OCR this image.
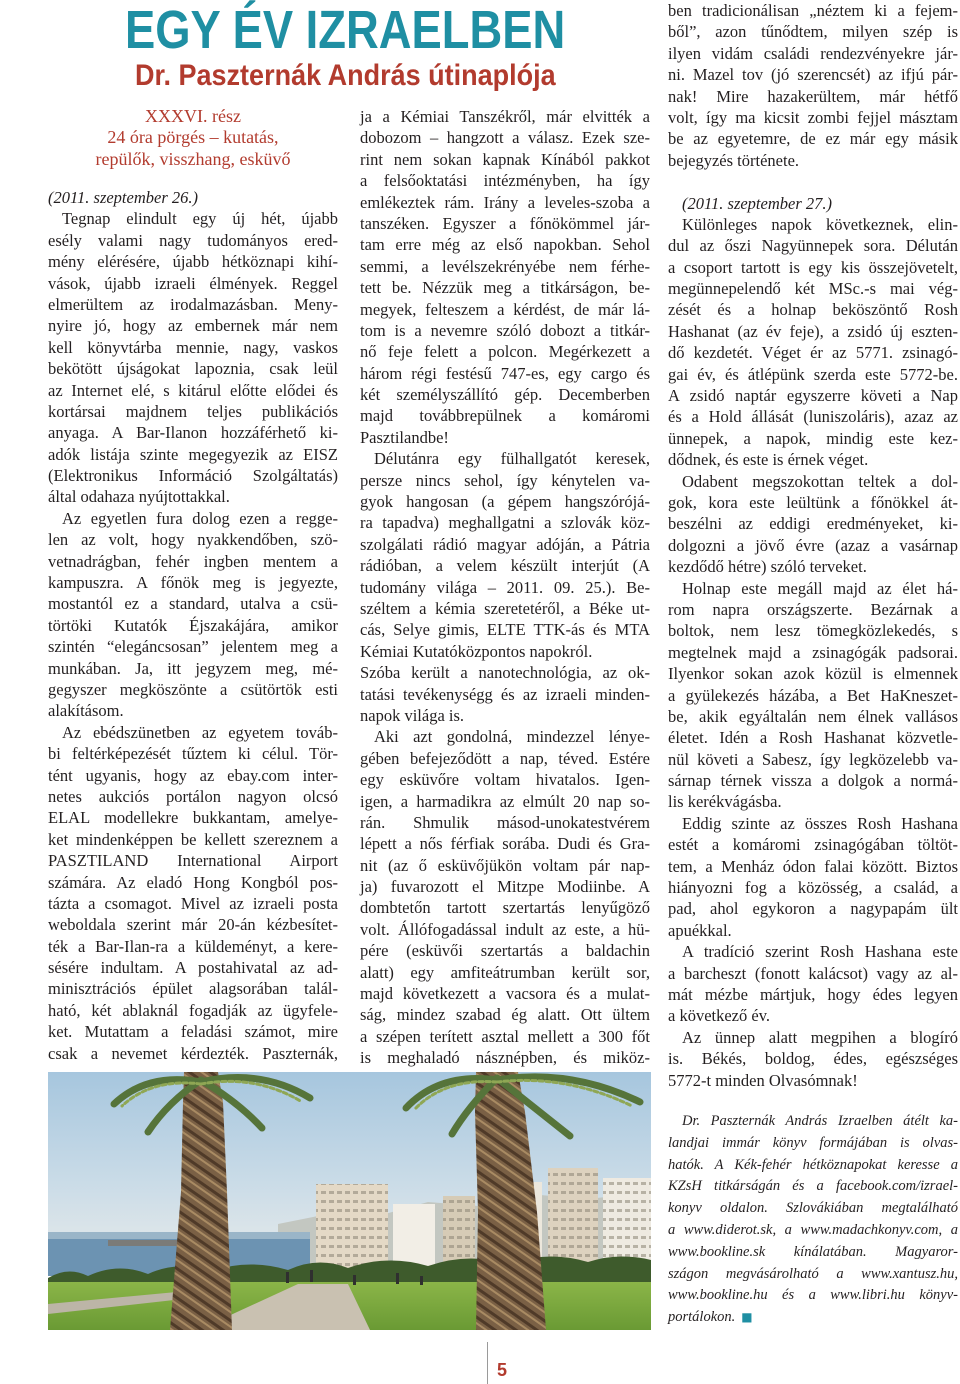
EGY ÉV IZRAELBEN
Dr. Paszternák András útinaplója
XXXVI. rész
24 óra pörgés – kutatás,
repülők, visszhang, esküvő
(2011. szeptember 26.)
Tegnap elindult egy új hét, újabb
esély valami nagy tudományos ered-
mény elérésére, újabb hétköznapi kihí-
vások, újabb izraeli élmények. Reggel
elmerültem az irodalmazásban. Meny-
nyire jó, hogy az embernek már nem
kell könyvtárba mennie, nagy, vaskos
bekötött újságokat lapoznia, csak leül
az Internet elé, s kitárul előtte elődei és
kortársai majdnem teljes publikációs
anyaga. A Bar-Ilanon hozzáférhető ki-
adók listája szinte megegyezik az EISZ
(Elektronikus Információ Szolgáltatás)
által odahaza nyújtottakkal.
Az egyetlen fura dolog ezen a regge-
len az volt, hogy nyakkendőben, szö-
vetnadrágban, fehér ingben mentem a
kampuszra. A főnök meg is jegyezte,
mostantól ez a standard, utalva a csü-
törtöki Kutatók Éjszakájára, amikor
szintén “elegáncsosan” jelentem meg a
munkában. Ja, itt jegyzem meg, mé-
gegyszer megköszönte a csütörtök esti
alakításom.
Az ebédszünetben az egyetem továb-
bi feltérképezését tűztem ki célul. Tör-
tént ugyanis, hogy az ebay.com inter-
netes aukciós portálon nagyon olcsó
ELAL modellekre bukkantam, amelye-
ket mindenképpen be kellett szereznem a
PASZTILAND International Airport
számára. Az eladó Hong Kongból pos-
tázta a csomagot. Mivel az izraeli posta
weboldala szerint már 20-án kézbesítet-
ték a Bar-Ilan-ra a küldeményt, a kere-
sésére indultam. A postahivatal az ad-
minisztrációs épület alagsorában talál-
ható, két ablaknál fogadják az ügyfele-
ket. Mutattam a feladási számot, mire
csak a nevemet kérdezték. Paszternák,
ja a Kémiai Tanszékről, már elvitték a
dobozom – hangzott a válasz. Ezek sze-
rint nem sokan kapnak Kínából pakkot
a felsőoktatási intézményben, ha így
emlékeztek rám. Irány a leveles-szoba a
tanszéken. Egyszer a főnökömmel jár-
tam erre még az első napokban. Sehol
semmi, a levélszekrényébe nem férhe-
tett be. Nézzük meg a titkárságon, be-
megyek, felteszem a kérdést, de már lá-
tom is a nevemre szóló dobozt a titkár-
nő feje felett a polcon. Megérkezett a
három régi festésű 747-es, egy cargo és
két személyszállító gép. Decemberben
majd továbbrepülnek a komáromi
Pasztilandbe!
Délutánra egy fülhallgatót keresek,
persze nincs sehol, így kénytelen va-
gyok hangosan (a gépem hangszórójá-
ra tapadva) meghallgatni a szlovák köz-
szolgálati rádió magyar adóján, a Pátria
rádióban, a velem készült interjút (A
tudomány világa – 2011. 09. 25.). Be-
széltem a kémia szeretetéről, a Béke ut-
cás, Selye gimis, ELTE TTK-ás és MTA
Kémiai Kutatóközpontos napokról.
Szóba került a nanotechnológia, az ok-
tatási tevékenységg és az izraeli minden-
napok világa is.
Aki azt gondolná, mindezzel lénye-
gében befejeződött a nap, téved. Estére
egy esküvőre voltam hivatalos. Igen-
igen, a harmadikra az elmúlt 20 nap so-
rán. Shmulik másod-unokatestvérem
lépett a nős férfiak sorába. Dudi és Gra-
nit (az ő esküvőjükön voltam pár nap-
ja) fuvarozott el Mitzpe Modiinbe. A
dombtetőn tartott szertartás lenyűgöző
volt. Állófogadással indult az este, a hü-
pére (esküvői szertartás a baldachin
alatt) egy amfiteátrumban került sor,
majd következett a vacsora és a mulat-
ság, mindez szabad ég alatt. Ott ültem
a szépen terített asztal mellett a 300 főt
is meghaladó násznépben, és miköz-
ben tradicionálisan „néztem ki a fejem-
ből”, azon tűnődtem, milyen szép is
ilyen vidám családi rendezvényekre jár-
ni. Mazel tov (jó szerencsét) az ifjú pár-
nak! Mire hazakerültem, már hétfő
volt, így ma kicsit zombi fejjel másztam
be az egyetemre, de ez már egy másik
bejegyzés története.
(2011. szeptember 27.)
Különleges napok következnek, elin-
dul az őszi Nagyünnepek sora. Délután
a csoport tartott is egy kis összejövetelt,
megünnepelendő két MSc.-s mai vég-
zését és a holnap beköszöntő Rosh
Hashanat (az év feje), a zsidó új eszten-
dő kezdetét. Véget ér az 5771. zsinagó-
gai év, és átlépünk szerda este 5772-be.
A zsidó naptár egyszerre követi a Nap
és a Hold állását (luniszoláris), azaz az
ünnepek, a napok, mindig este kez-
dődnek, és este is érnek véget.
Odabent megszokottan teltek a dol-
gok, kora este leültünk a főnökkel át-
beszélni az eddigi eredményeket, ki-
dolgozni a jövő évre (azaz a vasárnap
kezdődő hétre) szóló terveket.
Holnap este megáll majd az élet há-
rom napra országszerte. Bezárnak a
boltok, nem lesz tömegközlekedés, s
megtelnek majd a zsinagógák padsorai.
Ilyenkor sokan azok közül is elmennek
a gyülekezés házába, a Bet HaKneszet-
be, akik egyáltalán nem élnek vallásos
életet. Idén a Rosh Hashanat közvetle-
nül követi a Sabesz, így legközelebb va-
sárnap térnek vissza a dolgok a normá-
lis kerékvágásba.
Eddig szinte az összes Rosh Hashana
estét a komáromi zsinagógában töltöt-
tem, a Menház ódon falai között. Biztos
hiányozni fog a közösség, a család, a
pad, ahol egykoron a nagypapám ült
apuékkal.
A tradíció szerint Rosh Hashana este
a barcheszt (fonott kalácsot) vagy az al-
mát mézbe mártjuk, hogy édes legyen
a következő év.
Az ünnep alatt megpihen a blogíró
is. Békés, boldog, édes, egészséges
5772-t minden Olvasómnak!
Dr. Paszternák András Izraelben átélt ka-
landjai immár könyv formájában is olvas-
hatók. A Kék-fehér hétköznapokat keresse a
KZsH titkárságán és a facebook.com/izrael-
konyv oldalon. Szlovákiában megtalálható
a www.diderot.sk, a www.madachkonyv.com, a
www.bookline.sk kínálatában. Magyaror-
szágon megvásárolható a www.xantusz.hu,
www.bookline.hu és a www.libri.hu könyv-
portálokon. ■
5
